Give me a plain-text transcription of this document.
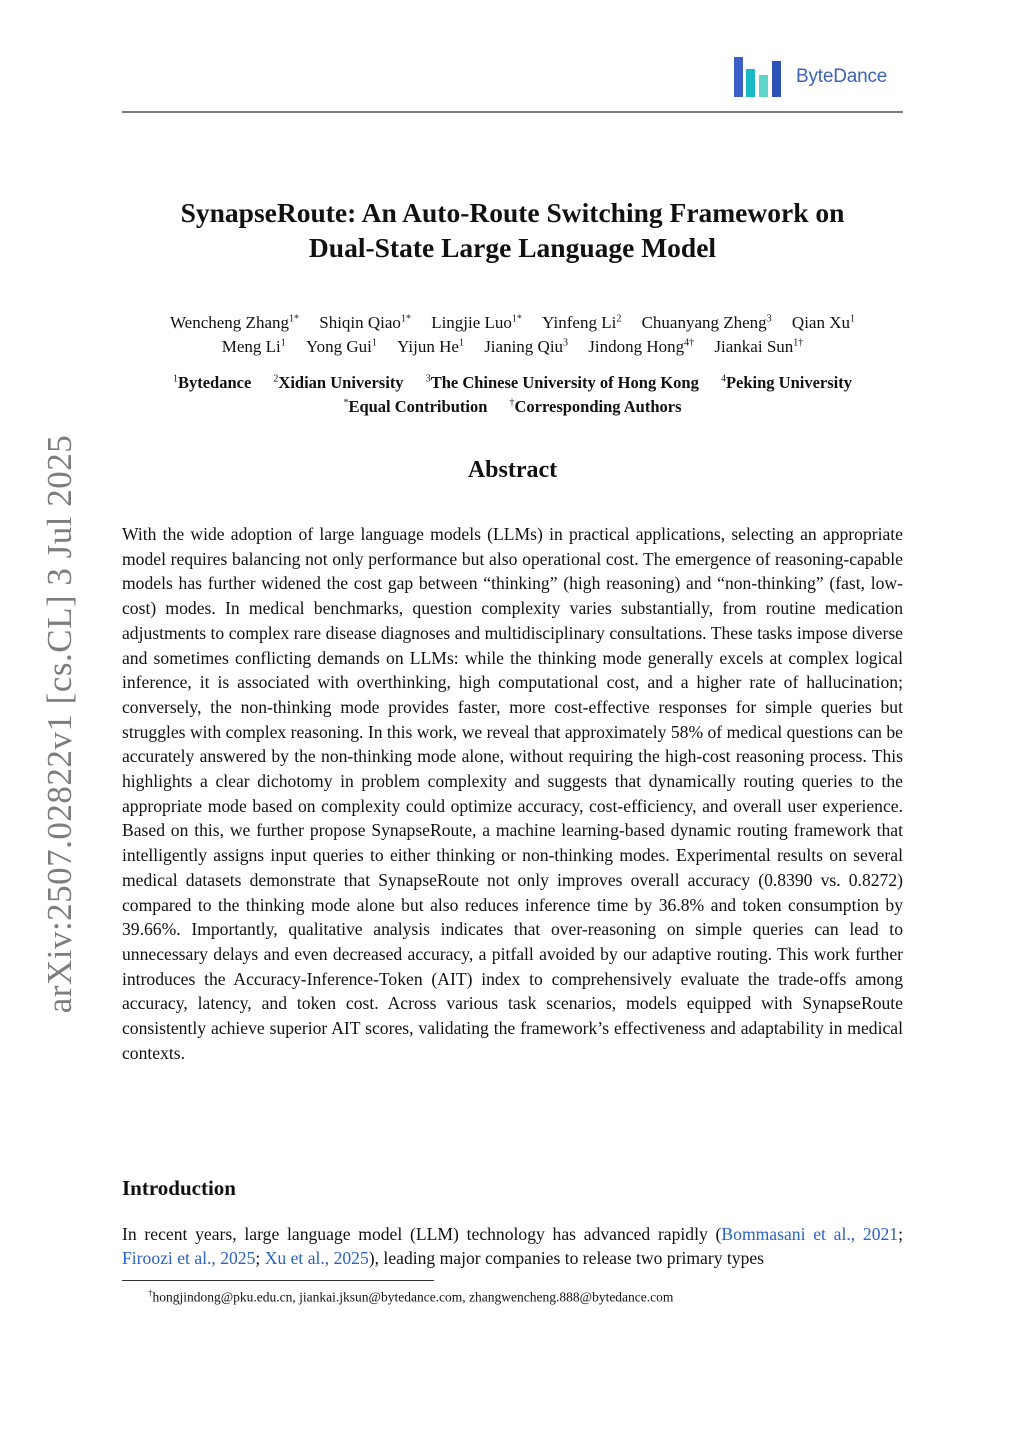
ByteDance
arXiv:2507.02822v1 [cs.CL] 3 Jul 2025
SynapseRoute: An Auto-Route Switching Framework on
Dual-State Large Language Model
Wencheng Zhang$^{1*}$ Shiqin Qiao$^{1*}$ Lingjie Luo$^{1*}$ Yinfeng Li$^2$ Chuanyang Zheng$^3$ Qian Xu$^1$
Meng Li$^1$ Yong Gui$^1$ Yijun He$^1$ Jianing Qiu$^3$ Jindong Hong$^{4\dagger}$ Jiankai Sun$^{1\dagger}$
$^1$Bytedance $^2$Xidian University $^3$The Chinese University of Hong Kong $^4$Peking University
*Equal Contribution †Corresponding Authors
Abstract

With the wide adoption of large language models (LLMs) in practical applications, selecting an appropriate model requires balancing not only performance but also operational cost. The emergence of reasoning-capable models has further widened the cost gap between “thinking” (high reasoning) and “non-thinking” (fast, low-cost) modes. In medical benchmarks, question complexity varies substantially, from routine medication adjustments to complex rare disease diagnoses and multidisciplinary consultations. These tasks impose diverse and sometimes conflicting demands on LLMs: while the thinking mode generally excels at complex logical inference, it is associated with overthinking, high computational cost, and a higher rate of hallucination; conversely, the non-thinking mode provides faster, more cost-effective responses for simple queries but struggles with complex reasoning. In this work, we reveal that approximately 58% of medical questions can be accurately answered by the non-thinking mode alone, without requiring the high-cost reasoning process. This highlights a clear dichotomy in problem complexity and suggests that dynamically routing queries to the appropriate mode based on complexity could optimize accuracy, cost-efficiency, and overall user experience. Based on this, we further propose SynapseRoute, a machine learning-based dynamic routing framework that intelligently assigns input queries to either thinking or non-thinking modes. Experimental results on several medical datasets demonstrate that SynapseRoute not only improves overall accuracy (0.8390 vs. 0.8272) compared to the thinking mode alone but also reduces inference time by 36.8% and token consumption by 39.66%. Importantly, qualitative analysis indicates that over-reasoning on simple queries can lead to unnecessary delays and even decreased accuracy, a pitfall avoided by our adaptive routing. This work further introduces the Accuracy-Inference-Token (AIT) index to comprehensively evaluate the trade-offs among accuracy, latency, and token cost. Across various task scenarios, models equipped with SynapseRoute consistently achieve superior AIT scores, validating the framework’s effectiveness and adaptability in medical contexts.

Introduction

In recent years, large language model (LLM) technology has advanced rapidly (Bommasani et al., 2021; Firoozi et al., 2025; Xu et al., 2025), leading major companies to release two primary types

†hongjindong@pku.edu.cn, jiankai.jksun@bytedance.com, zhangwencheng.888@bytedance.com
